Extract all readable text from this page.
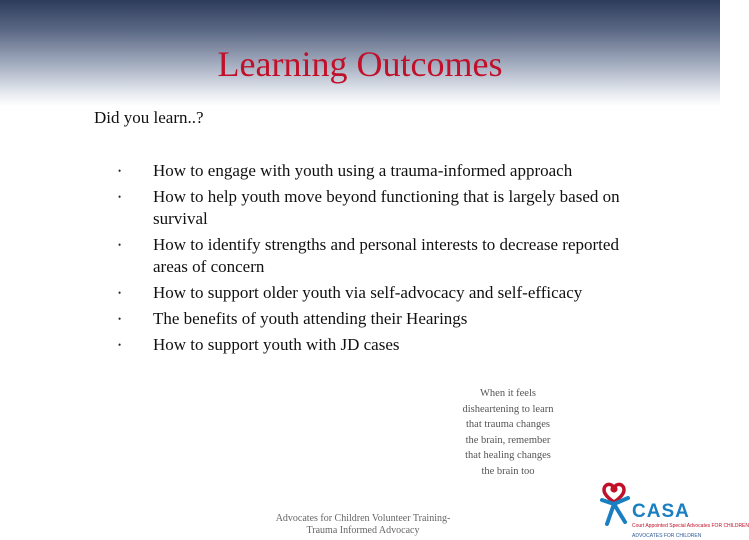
Learning Outcomes
Did you learn..?
• How to engage with youth using a trauma-informed approach
• How to help youth move beyond functioning that is largely based on survival
• How to identify strengths and personal interests to decrease reported areas of concern
• How to support older youth via self-advocacy and self-efficacy
• The benefits of youth attending their Hearings
• How to support youth with JD cases
When it feels
disheartening to learn
that trauma changes
the brain, remember
that healing changes
the brain too
Advocates for Children Volunteer Training-
Trauma Informed Advocacy
CASA
Court Appointed Special Advocates FOR CHILDREN
ADVOCATES FOR CHILDREN
